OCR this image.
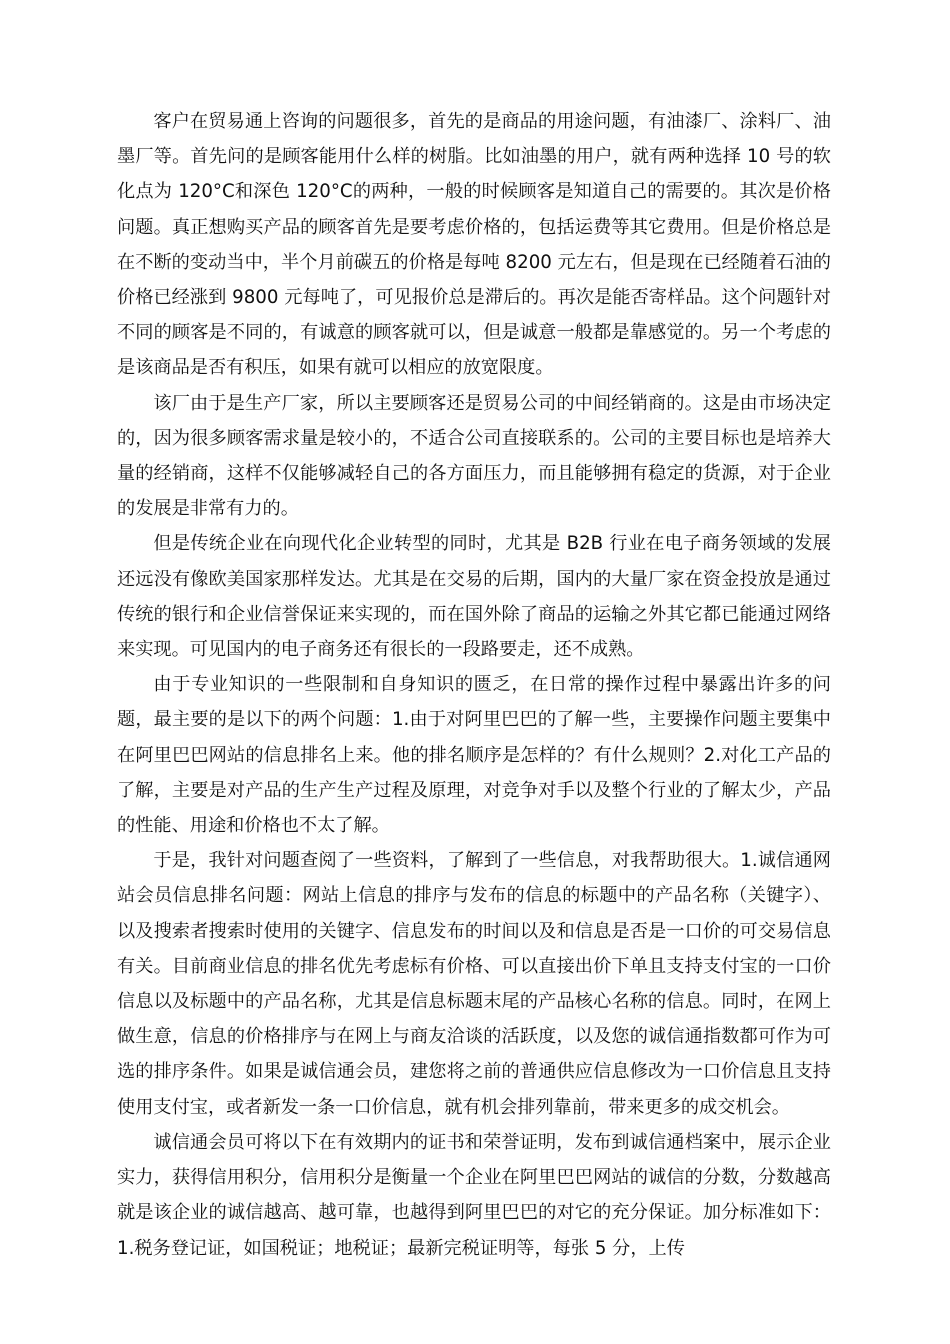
客户在贸易通上咨询的问题很多，首先的是商品的用途问题，有油漆厂、涂料厂、油墨厂等。首先问的是顾客能用什么样的树脂。比如油墨的用户，就有两种选择 10 号的软化点为 120°C和深色 120°C的两种，一般的时候顾客是知道自己的需要的。其次是价格问题。真正想购买产品的顾客首先是要考虑价格的，包括运费等其它费用。但是价格总是在不断的变动当中，半个月前碳五的价格是每吨 8200 元左右，但是现在已经随着石油的价格已经涨到 9800 元每吨了，可见报价总是滞后的。再次是能否寄样品。这个问题针对不同的顾客是不同的，有诚意的顾客就可以，但是诚意一般都是靠感觉的。另一个考虑的是该商品是否有积压，如果有就可以相应的放宽限度。

该厂由于是生产厂家，所以主要顾客还是贸易公司的中间经销商的。这是由市场决定的，因为很多顾客需求量是较小的，不适合公司直接联系的。公司的主要目标也是培养大量的经销商，这样不仅能够减轻自己的各方面压力，而且能够拥有稳定的货源，对于企业的发展是非常有力的。

但是传统企业在向现代化企业转型的同时，尤其是 B2B 行业在电子商务领域的发展还远没有像欧美国家那样发达。尤其是在交易的后期，国内的大量厂家在资金投放是通过传统的银行和企业信誉保证来实现的，而在国外除了商品的运输之外其它都已能通过网络来实现。可见国内的电子商务还有很长的一段路要走，还不成熟。

由于专业知识的一些限制和自身知识的匮乏，在日常的操作过程中暴露出许多的问题，最主要的是以下的两个问题：1.由于对阿里巴巴的了解一些，主要操作问题主要集中在阿里巴巴网站的信息排名上来。他的排名顺序是怎样的？有什么规则？2.对化工产品的了解，主要是对产品的生产生产过程及原理，对竞争对手以及整个行业的了解太少，产品的性能、用途和价格也不太了解。

于是，我针对问题查阅了一些资料，了解到了一些信息，对我帮助很大。1.诚信通网站会员信息排名问题：网站上信息的排序与发布的信息的标题中的产品名称（关键字）、以及搜索者搜索时使用的关键字、信息发布的时间以及和信息是否是一口价的可交易信息有关。目前商业信息的排名优先考虑标有价格、可以直接出价下单且支持支付宝的一口价信息以及标题中的产品名称，尤其是信息标题末尾的产品核心名称的信息。同时，在网上做生意，信息的价格排序与在网上与商友洽谈的活跃度，以及您的诚信通指数都可作为可选的排序条件。如果是诚信通会员，建您将之前的普通供应信息修改为一口价信息且支持使用支付宝，或者新发一条一口价信息，就有机会排列靠前，带来更多的成交机会。

诚信通会员可将以下在有效期内的证书和荣誉证明，发布到诚信通档案中，展示企业实力，获得信用积分，信用积分是衡量一个企业在阿里巴巴网站的诚信的分数，分数越高就是该企业的诚信越高、越可靠，也越得到阿里巴巴的对它的充分保证。加分标准如下：1.税务登记证，如国税证；地税证；最新完税证明等，每张 5 分，上传
